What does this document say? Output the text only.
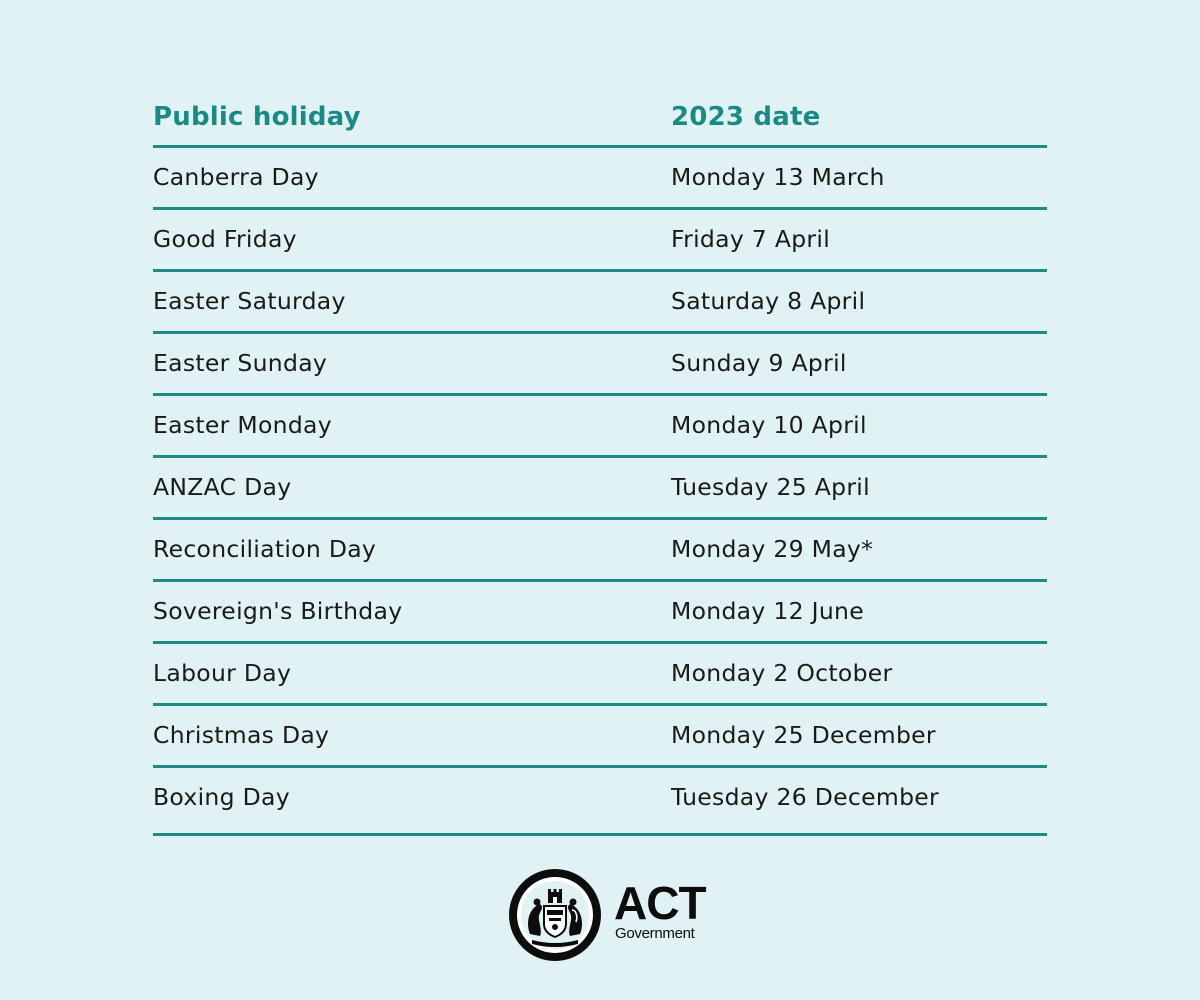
Public holiday	2023 date
Canberra Day	Monday 13 March
Good Friday	Friday 7 April
Easter Saturday	Saturday 8 April
Easter Sunday	Sunday 9 April
Easter Monday	Monday 10 April
ANZAC Day	Tuesday 25 April
Reconciliation Day	Monday 29 May*
Sovereign's Birthday	Monday 12 June
Labour Day	Monday 2 October
Christmas Day	Monday 25 December
Boxing Day	Tuesday 26 December
ACT
Government
